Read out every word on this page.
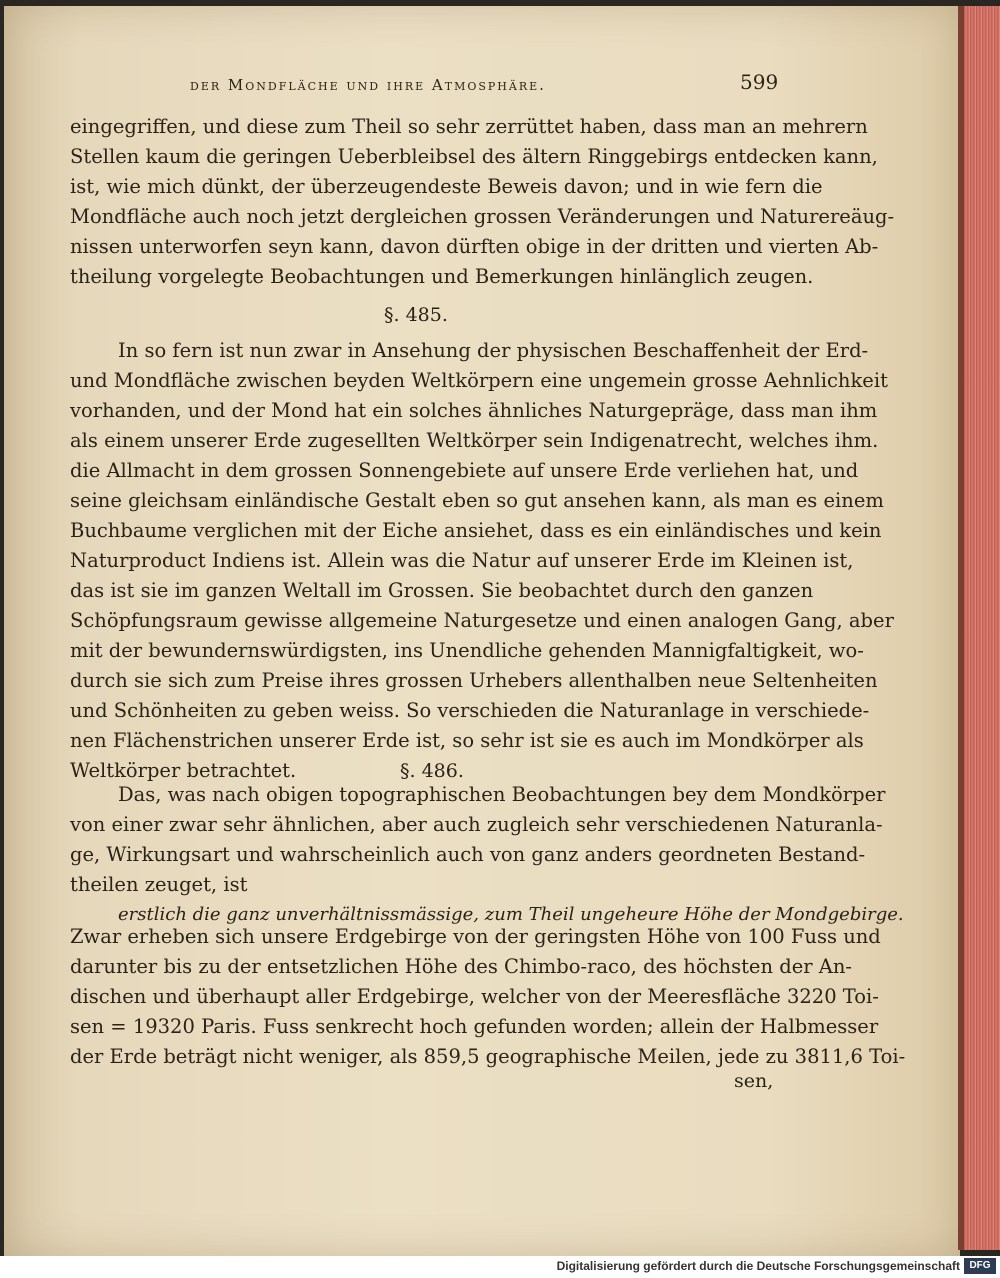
der Mondfläche und ihre Atmosphäre.	599
eingegriffen, und diese zum Theil so sehr zerrüttet haben, dass man an mehrern
Stellen kaum die geringen Ueberbleibsel des ältern Ringgebirgs entdecken kann,
ist, wie mich dünkt, der überzeugendeste Beweis davon; und in wie fern die
Mondfläche auch noch jetzt dergleichen grossen Veränderungen und Naturereäug-
nissen unterworfen seyn kann, davon dürften obige in der dritten und vierten Ab-
theilung vorgelegte Beobachtungen und Bemerkungen hinlänglich zeugen.
§. 485.
In so fern ist nun zwar in Ansehung der physischen Beschaffenheit der Erd-
und Mondfläche zwischen beyden Weltkörpern eine ungemein grosse Aehnlichkeit
vorhanden, und der Mond hat ein solches ähnliches Naturgepräge, dass man ihm
als einem unserer Erde zugesellten Weltkörper sein Indigenatrecht, welches ihm.
die Allmacht in dem grossen Sonnengebiete auf unsere Erde verliehen hat, und
seine gleichsam einländische Gestalt eben so gut ansehen kann, als man es einem
Buchbaume verglichen mit der Eiche ansiehet, dass es ein einländisches und kein
Naturproduct Indiens ist. Allein was die Natur auf unserer Erde im Kleinen ist,
das ist sie im ganzen Weltall im Grossen. Sie beobachtet durch den ganzen
Schöpfungsraum gewisse allgemeine Naturgesetze und einen analogen Gang, aber
mit der bewundernswürdigsten, ins Unendliche gehenden Mannigfaltigkeit, wo-
durch sie sich zum Preise ihres grossen Urhebers allenthalben neue Seltenheiten
und Schönheiten zu geben weiss. So verschieden die Naturanlage in verschiede-
nen Flächenstrichen unserer Erde ist, so sehr ist sie es auch im Mondkörper als
Weltkörper betrachtet.	§. 486.
Das, was nach obigen topographischen Beobachtungen bey dem Mondkörper
von einer zwar sehr ähnlichen, aber auch zugleich sehr verschiedenen Naturanla-
ge, Wirkungsart und wahrscheinlich auch von ganz anders geordneten Bestand-
theilen zeuget, ist
erstlich die ganz unverhältnissmässige, zum Theil ungeheure Höhe der Mondgebirge.
Zwar erheben sich unsere Erdgebirge von der geringsten Höhe von 100 Fuss und
darunter bis zu der entsetzlichen Höhe des Chimbo-raco, des höchsten der An-
dischen und überhaupt aller Erdgebirge, welcher von der Meeresfläche 3220 Toi-
sen = 19320 Paris. Fuss senkrecht hoch gefunden worden; allein der Halbmesser
der Erde beträgt nicht weniger, als 859,5 geographische Meilen, jede zu 3811,6 Toi-
sen,
Digitalisierung gefördert durch die Deutsche Forschungsgemeinschaft DFG
